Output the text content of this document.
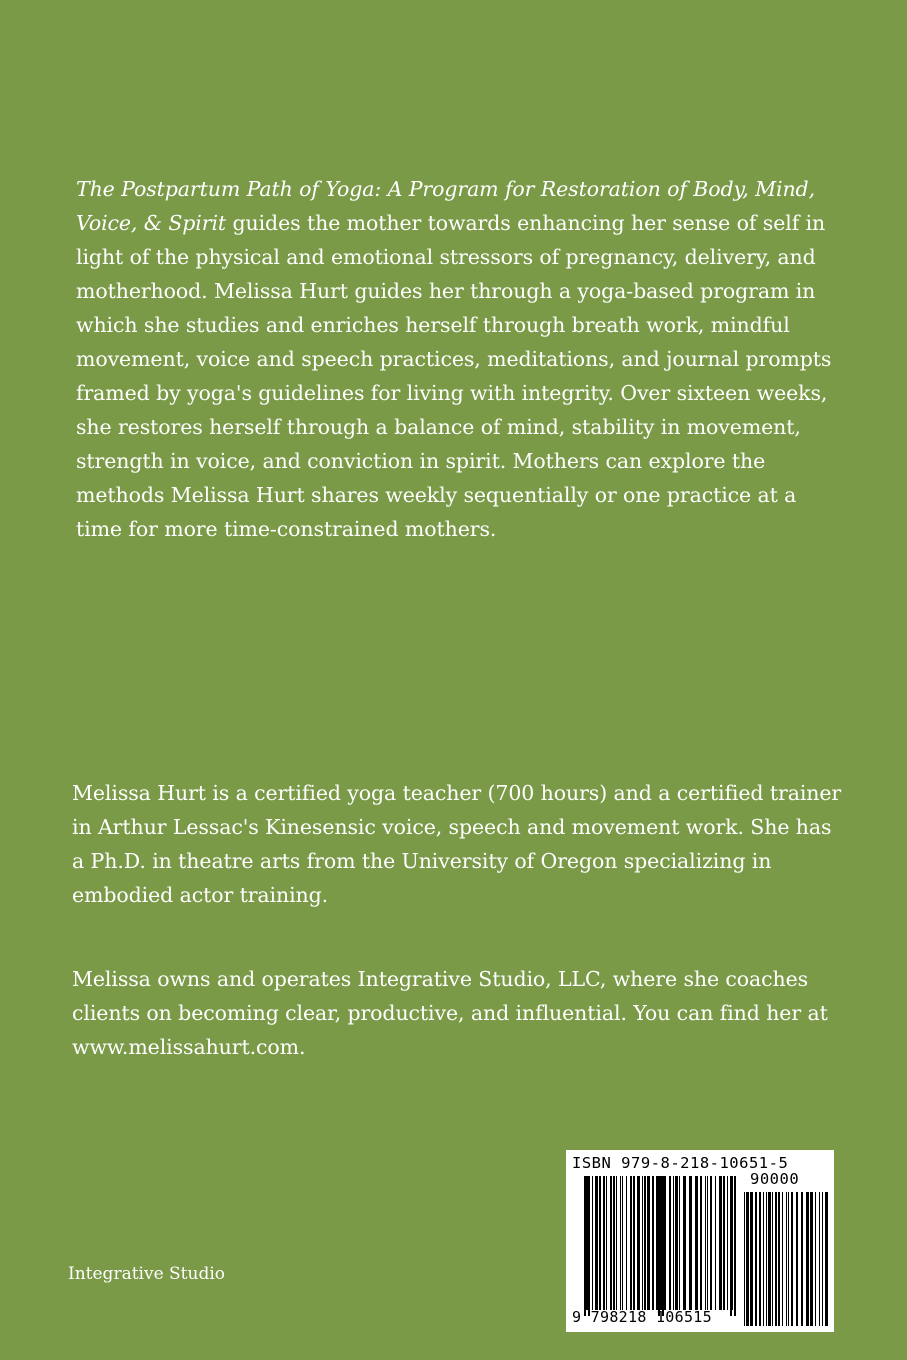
The Postpartum Path of Yoga: A Program for Restoration of Body, Mind, Voice, & Spirit guides the mother towards enhancing her sense of self in light of the physical and emotional stressors of pregnancy, delivery, and motherhood. Melissa Hurt guides her through a yoga-based program in which she studies and enriches herself through breath work, mindful movement, voice and speech practices, meditations, and journal prompts framed by yoga's guidelines for living with integrity. Over sixteen weeks, she restores herself through a balance of mind, stability in movement, strength in voice, and conviction in spirit. Mothers can explore the methods Melissa Hurt shares weekly sequentially or one practice at a time for more time-constrained mothers.
Melissa Hurt is a certified yoga teacher (700 hours) and a certified trainer in Arthur Lessac's Kinesensic voice, speech and movement work. She has a Ph.D. in theatre arts from the University of Oregon specializing in embodied actor training.
Melissa owns and operates Integrative Studio, LLC, where she coaches clients on becoming clear, productive, and influential. You can find her at www.melissahurt.com.
Integrative Studio
ISBN 979-8-218-10651-5
90000
9 798218 106515
